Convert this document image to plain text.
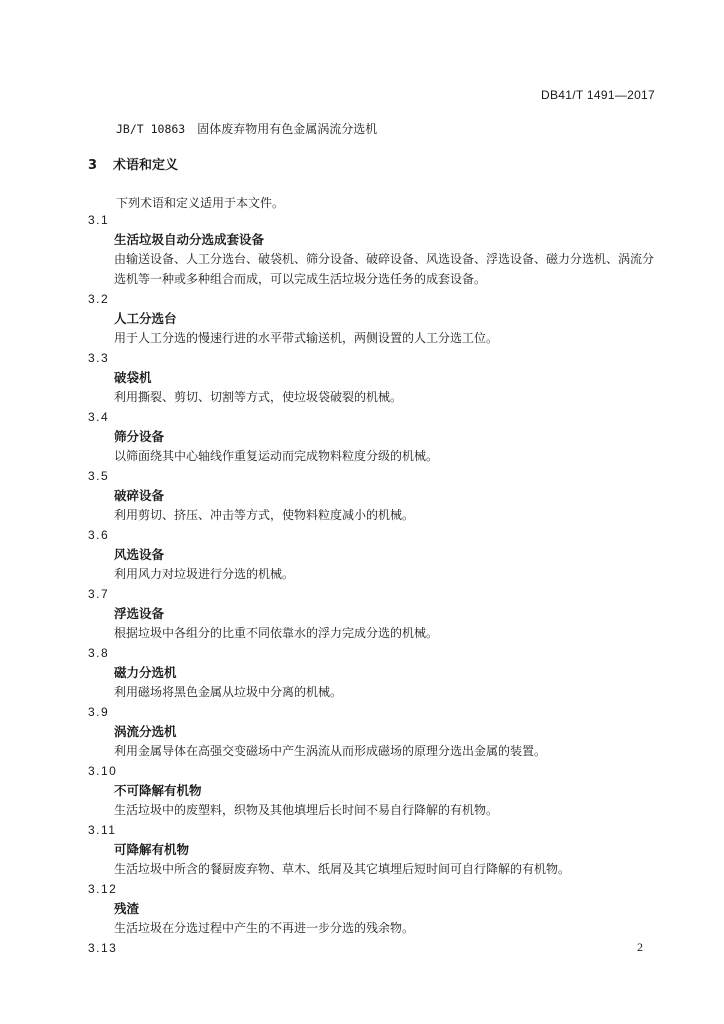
DB41/T 1491—2017
JB/T 10863 固体废弃物用有色金属涡流分选机
3 术语和定义
下列术语和定义适用于本文件。
3.1
生活垃圾自动分选成套设备
由输送设备、人工分选台、破袋机、筛分设备、破碎设备、风选设备、浮选设备、磁力分选机、涡流分选机等一种或多种组合而成，可以完成生活垃圾分选任务的成套设备。
3.2
人工分选台
用于人工分选的慢速行进的水平带式输送机，两侧设置的人工分选工位。
3.3
破袋机
利用撕裂、剪切、切割等方式，使垃圾袋破裂的机械。
3.4
筛分设备
以筛面绕其中心轴线作重复运动而完成物料粒度分级的机械。
3.5
破碎设备
利用剪切、挤压、冲击等方式，使物料粒度减小的机械。
3.6
风选设备
利用风力对垃圾进行分选的机械。
3.7
浮选设备
根据垃圾中各组分的比重不同依靠水的浮力完成分选的机械。
3.8
磁力分选机
利用磁场将黑色金属从垃圾中分离的机械。
3.9
涡流分选机
利用金属导体在高强交变磁场中产生涡流从而形成磁场的原理分选出金属的装置。
3.10
不可降解有机物
生活垃圾中的废塑料，织物及其他填埋后长时间不易自行降解的有机物。
3.11
可降解有机物
生活垃圾中所含的餐厨废弃物、草木、纸屑及其它填埋后短时间可自行降解的有机物。
3.12
残渣
生活垃圾在分选过程中产生的不再进一步分选的残余物。
3.13	2
